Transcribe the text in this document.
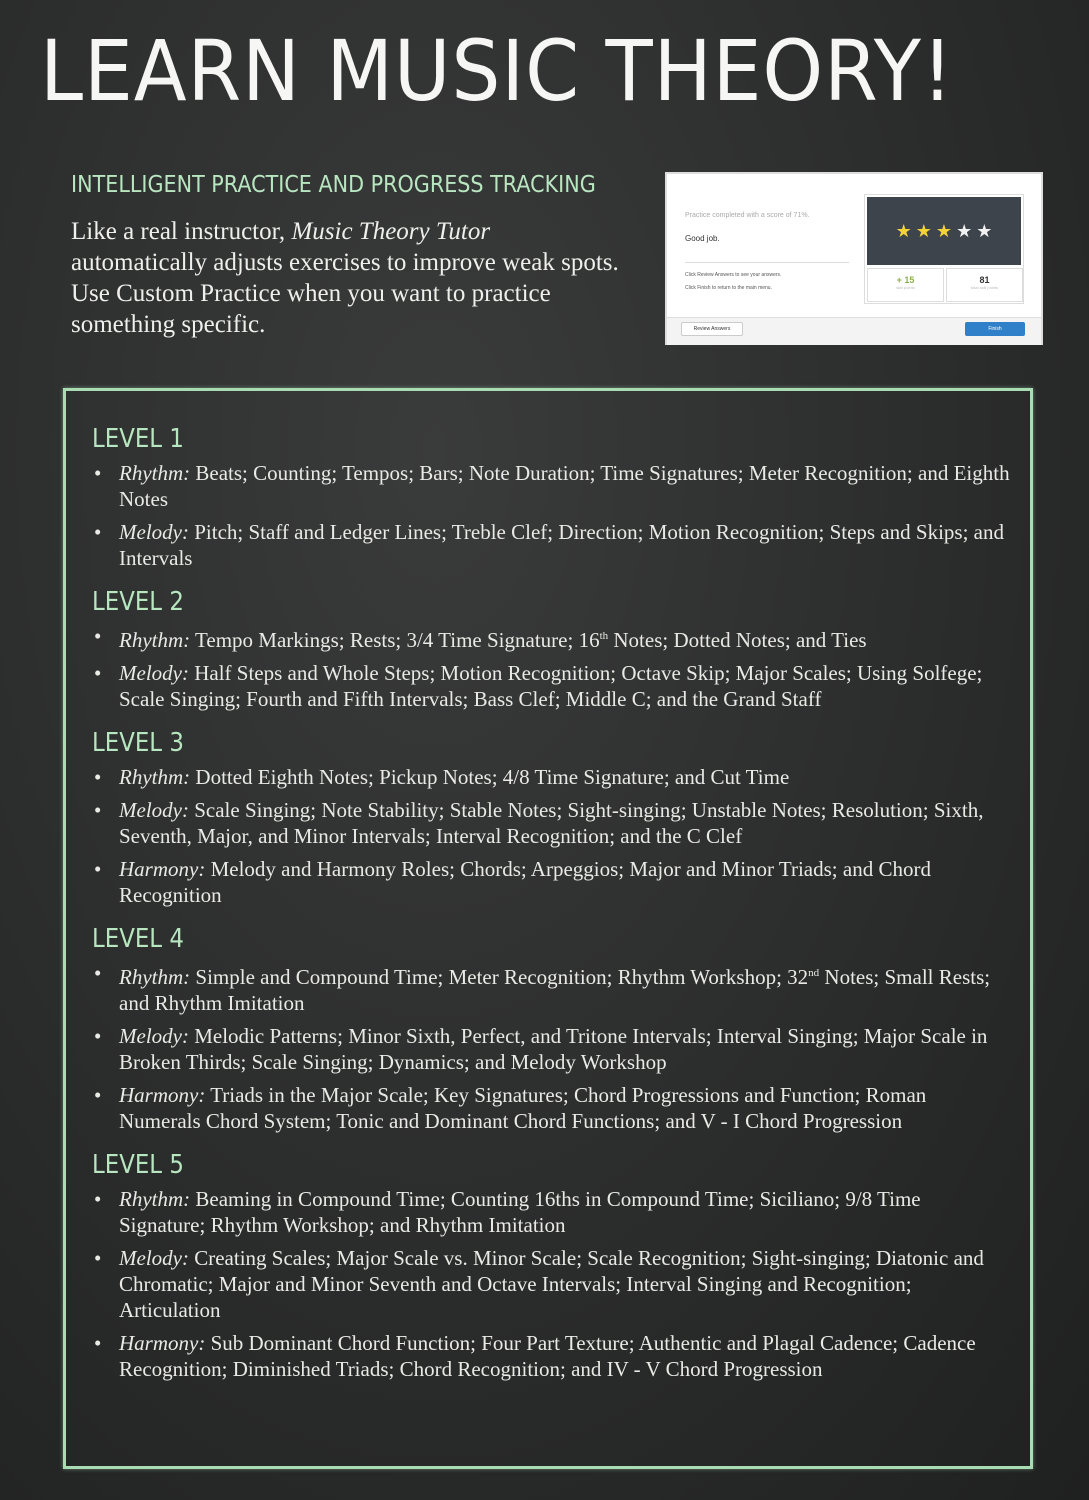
LEARN MUSIC THEORY!
INTELLIGENT PRACTICE AND PROGRESS TRACKING

Like a real instructor, Music Theory Tutor automatically adjusts exercises to improve weak spots. Use Custom Practice when you want to practice something specific.

Practice completed with a score of 71%.
Good job.
Click Review Answers to see your answers.
Click Finish to return to the main menu.
★ ★ ★ ★ ★
+ 15
skill points
81
total skill points
Review Answers	Finish
LEVEL 1
• Rhythm: Beats; Counting; Tempos; Bars; Note Duration; Time Signatures; Meter Recognition; and Eighth Notes
• Melody: Pitch; Staff and Ledger Lines; Treble Clef; Direction; Motion Recognition; Steps and Skips; and Intervals
LEVEL 2
• Rhythm: Tempo Markings; Rests; 3/4 Time Signature; 16th Notes; Dotted Notes; and Ties
• Melody: Half Steps and Whole Steps; Motion Recognition; Octave Skip; Major Scales; Using Solfege; Scale Singing; Fourth and Fifth Intervals; Bass Clef; Middle C; and the Grand Staff
LEVEL 3
• Rhythm: Dotted Eighth Notes; Pickup Notes; 4/8 Time Signature; and Cut Time
• Melody: Scale Singing; Note Stability; Stable Notes; Sight-singing; Unstable Notes; Resolution; Sixth, Seventh, Major, and Minor Intervals; Interval Recognition; and the C Clef
• Harmony: Melody and Harmony Roles; Chords; Arpeggios; Major and Minor Triads; and Chord Recognition
LEVEL 4
• Rhythm: Simple and Compound Time; Meter Recognition; Rhythm Workshop; 32nd Notes; Small Rests; and Rhythm Imitation
• Melody: Melodic Patterns; Minor Sixth, Perfect, and Tritone Intervals; Interval Singing; Major Scale in Broken Thirds; Scale Singing; Dynamics; and Melody Workshop
• Harmony: Triads in the Major Scale; Key Signatures; Chord Progressions and Function; Roman Numerals Chord System; Tonic and Dominant Chord Functions; and V - I Chord Progression
LEVEL 5
• Rhythm: Beaming in Compound Time; Counting 16ths in Compound Time; Siciliano; 9/8 Time Signature; Rhythm Workshop; and Rhythm Imitation
• Melody: Creating Scales; Major Scale vs. Minor Scale; Scale Recognition; Sight-singing; Diatonic and Chromatic; Major and Minor Seventh and Octave Intervals; Interval Singing and Recognition; Articulation
• Harmony: Sub Dominant Chord Function; Four Part Texture; Authentic and Plagal Cadence; Cadence Recognition; Diminished Triads; Chord Recognition; and IV - V Chord Progression
